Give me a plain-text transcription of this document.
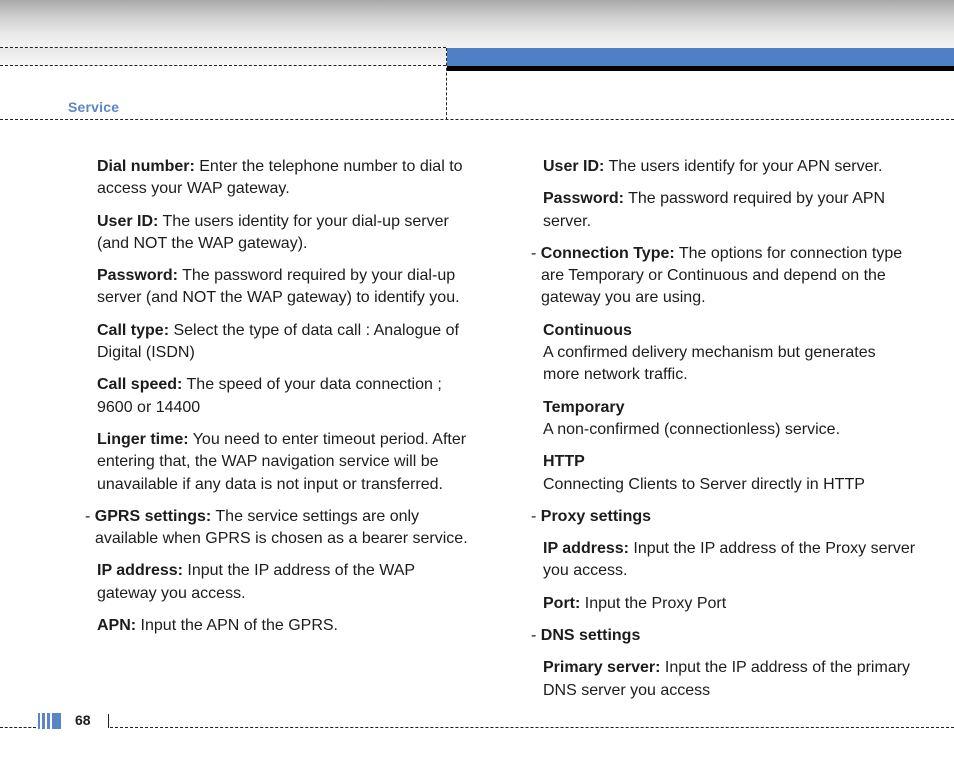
Service

Dial number: Enter the telephone number to dial to access your WAP gateway.

User ID: The users identity for your dial-up server (and NOT the WAP gateway).

Password: The password required by your dial-up server (and NOT the WAP gateway) to identify you.

Call type: Select the type of data call : Analogue of Digital (ISDN)

Call speed: The speed of your data connection ; 9600 or 14400

Linger time: You need to enter timeout period. After entering that, the WAP navigation service will be unavailable if any data is not input or transferred.

- GPRS settings: The service settings are only available when GPRS is chosen as a bearer service.

IP address: Input the IP address of the WAP gateway you access.

APN: Input the APN of the GPRS.

User ID: The users identify for your APN server.

Password: The password required by your APN server.

- Connection Type: The options for connection type are Temporary or Continuous and depend on the gateway you are using.

Continuous

A confirmed delivery mechanism but generates more network traffic.

Temporary

A non-confirmed (connectionless) service.

HTTP

Connecting Clients to Server directly in HTTP

- Proxy settings

IP address: Input the IP address of the Proxy server you access.

Port: Input the Proxy Port

- DNS settings

Primary server: Input the IP address of the primary DNS server you access

68
